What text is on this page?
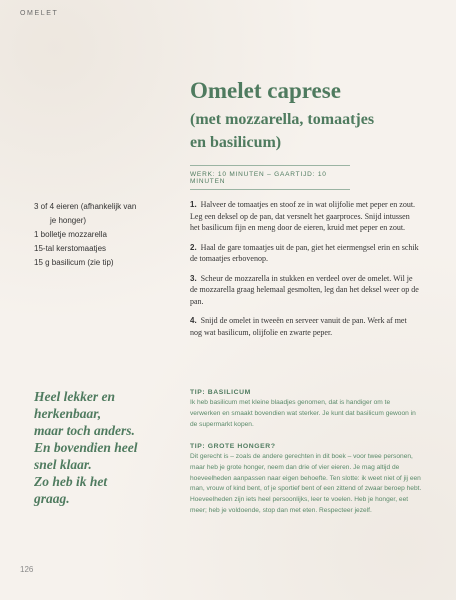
OMELET
Omelet caprese
(met mozzarella, tomaatjes
en basilicum)
WERK: 10 MINUTEN – GAARTIJD: 10 MINUTEN
3 of 4 eieren (afhankelijk van
je honger)
1 bolletje mozzarella
15-tal kerstomaatjes
15 g basilicum (zie tip)

1. Halveer de tomaatjes en stoof ze in wat olijfolie met peper en zout. Leg een deksel op de pan, dat versnelt het gaarproces. Snijd intussen het basilicum fijn en meng door de eieren, kruid met peper en zout.

2. Haal de gare tomaatjes uit de pan, giet het eiermengsel erin en schik de tomaatjes erbovenop.

3. Scheur de mozzarella in stukken en verdeel over de omelet. Wil je de mozzarella graag helemaal gesmolten, leg dan het deksel weer op de pan.

4. Snijd de omelet in tweeën en serveer vanuit de pan. Werk af met nog wat basilicum, olijfolie en zwarte peper.

Heel lekker en
herkenbaar,
maar toch anders.
En bovendien heel
snel klaar.
Zo heb ik het
graag.
TIP: BASILICUM
Ik heb basilicum met kleine blaadjes genomen, dat is handiger om te verwerken en smaakt bovendien wat sterker. Je kunt dat basilicum gewoon in de supermarkt kopen.
TIP: GROTE HONGER?
Dit gerecht is – zoals de andere gerechten in dit boek – voor twee personen, maar heb je grote honger, neem dan drie of vier eieren. Je mag altijd de hoeveelheden aanpassen naar eigen behoefte. Ten slotte: ik weet niet of jij een man, vrouw of kind bent, of je sportief bent of een zittend of zwaar beroep hebt. Hoeveelheden zijn iets heel persoonlijks, leer te voelen. Heb je honger, eet meer; heb je voldoende, stop dan met eten. Respecteer jezelf.
126
